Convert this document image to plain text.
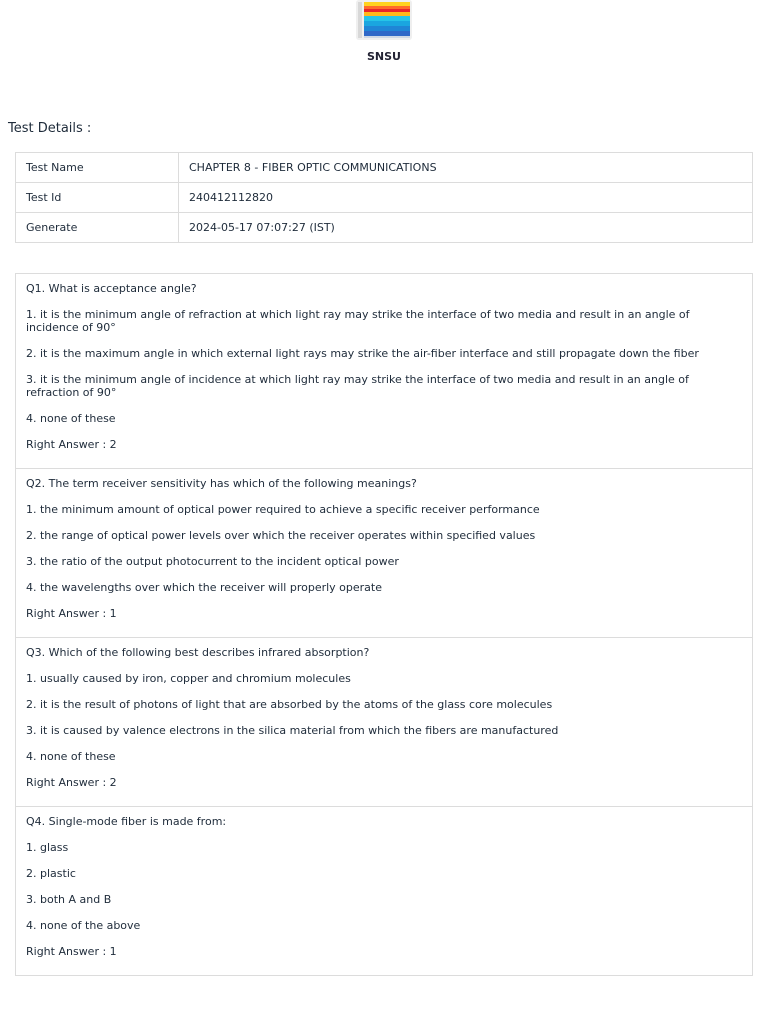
SNSU
Test Details :
Test Name	CHAPTER 8 - FIBER OPTIC COMMUNICATIONS
Test Id	240412112820
Generate	2024-05-17 07:07:27 (IST)

Q1. What is acceptance angle?

1. it is the minimum angle of refraction at which light ray may strike the interface of two media and result in an angle of incidence of 90°

2. it is the maximum angle in which external light rays may strike the air-fiber interface and still propagate down the fiber

3. it is the minimum angle of incidence at which light ray may strike the interface of two media and result in an angle of refraction of 90°

4. none of these

Right Answer : 2

Q2. The term receiver sensitivity has which of the following meanings?

1. the minimum amount of optical power required to achieve a specific receiver performance

2. the range of optical power levels over which the receiver operates within specified values

3. the ratio of the output photocurrent to the incident optical power

4. the wavelengths over which the receiver will properly operate

Right Answer : 1

Q3. Which of the following best describes infrared absorption?

1. usually caused by iron, copper and chromium molecules

2. it is the result of photons of light that are absorbed by the atoms of the glass core molecules

3. it is caused by valence electrons in the silica material from which the fibers are manufactured

4. none of these

Right Answer : 2

Q4. Single-mode fiber is made from:

1. glass

2. plastic

3. both A and B

4. none of the above

Right Answer : 1
